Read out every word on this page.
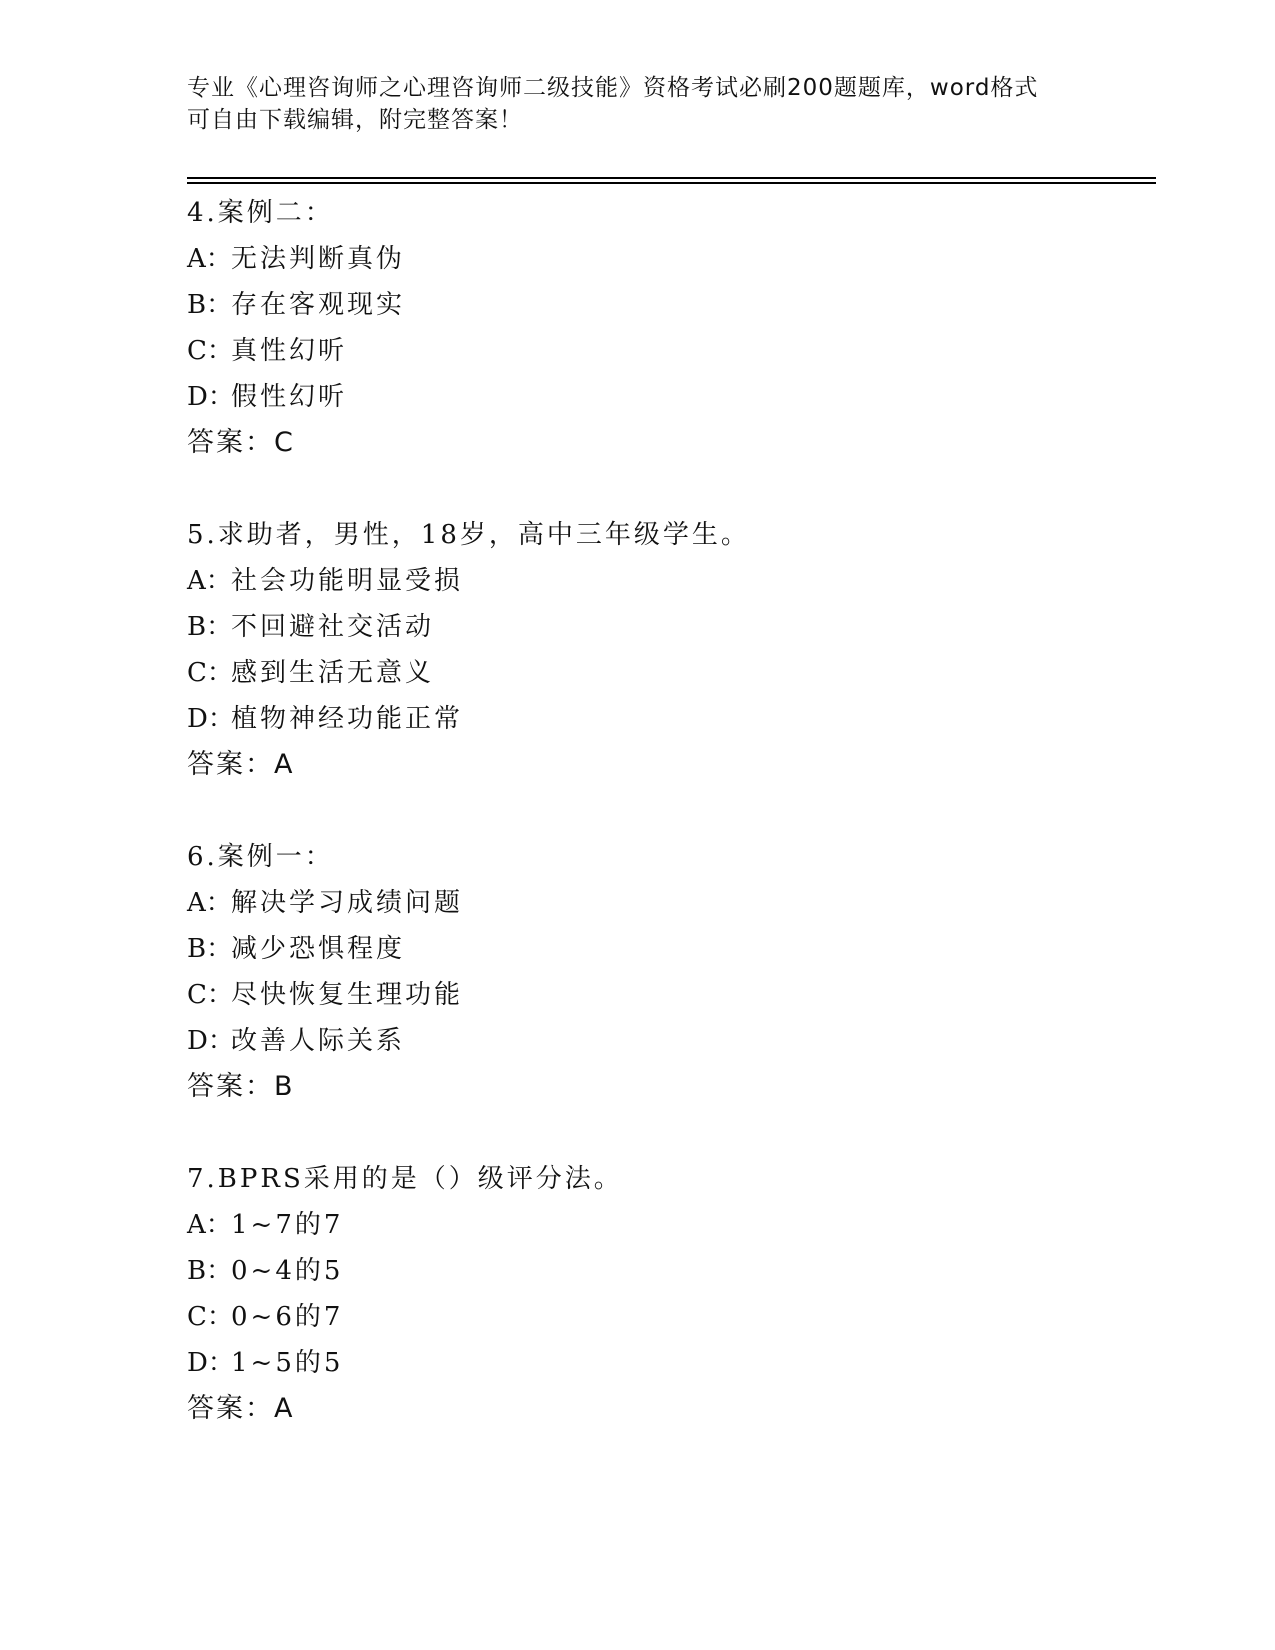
专业《心理咨询师之心理咨询师二级技能》资格考试必刷200题题库，word格式
可自由下载编辑，附完整答案！
4.案例二：
A：无法判断真伪
B：存在客观现实
C：真性幻听
D：假性幻听
答案：C
5.求助者，男性，18岁，高中三年级学生。
A：社会功能明显受损
B：不回避社交活动
C：感到生活无意义
D：植物神经功能正常
答案：A
6.案例一：
A：解决学习成绩问题
B：减少恐惧程度
C：尽快恢复生理功能
D：改善人际关系
答案：B
7.BPRS采用的是（）级评分法。
A：1~7的7
B：0~4的5
C：0~6的7
D：1~5的5
答案：A
